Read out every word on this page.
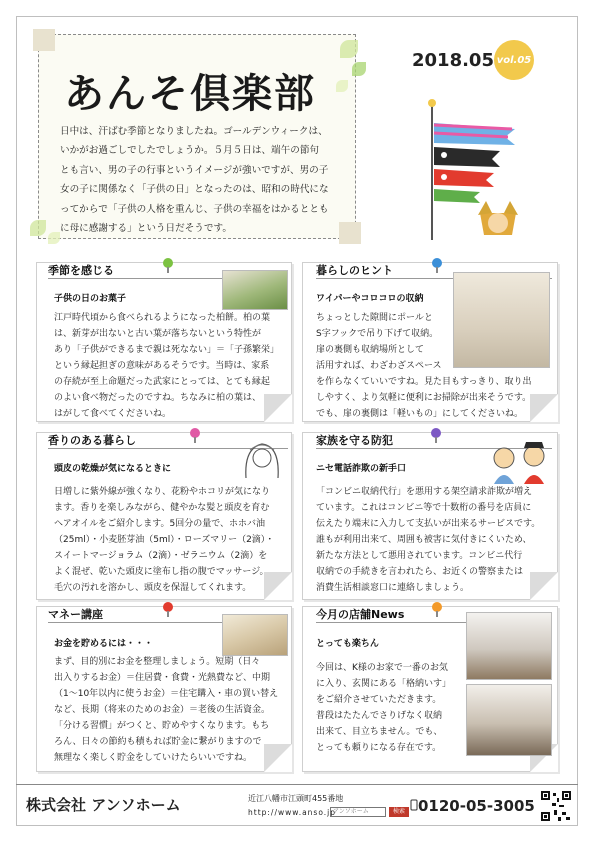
あんそ倶楽部
日中は、汗ばむ季節となりましたね。ゴールデンウィークは、
いかがお過ごしでしたでしょうか。５月５日は、端午の節句
とも言い、男の子の行事というイメージが強いですが、男の子
女の子に関係なく「子供の日」となったのは、昭和の時代にな
ってからで「子供の人格を重んじ、子供の幸福をはかるととも
に母に感謝する」という日だそうです。
2018.05 vol.05
季節を感じる
子供の日のお菓子
江戸時代頃から食べられるようになった柏餅。柏の葉
は、新芽が出ないと古い葉が落ちないという特性が
あり「子供ができるまで親は死なない」＝「子孫繁栄」
という縁起担ぎの意味があるそうです。当時は、家系
の存続が至上命題だった武家にとっては、とても縁起
のよい食べ物だったのですね。ちなみに柏の葉は、
はがして食べてくださいね。
暮らしのヒント
ワイパーやコロコロの収納
ちょっとした隙間にポールと
S字フックで吊り下げて収納。
扉の裏側も収納場所として
活用すれば、わざわざスペース
を作らなくていいですね。見た目もすっきり、取り出
しやすく、より気軽に便利にお掃除が出来そうです。
でも、扉の裏側は「軽いもの」にしてくださいね。
香りのある暮らし
頭皮の乾燥が気になるときに
日増しに紫外線が強くなり、花粉やホコリが気になり
ます。香りを楽しみながら、健やかな髪と頭皮を育む
ヘアオイルをご紹介します。5回分の量で、ホホバ油
（25ml）・小麦胚芽油（5ml）・ローズマリー（2滴）・
スイートマージョラム（2滴）・ゼラニウム（2滴）を
よく混ぜ、乾いた頭皮に塗布し指の腹でマッサージ。
毛穴の汚れを溶かし、頭皮を保湿してくれます。
家族を守る防犯
ニセ電話詐欺の新手口
「コンビニ収納代行」を悪用する架空請求詐欺が増え
ています。これはコンビニ等で十数桁の番号を店員に
伝えたり端末に入力して支払いが出来るサービスです。
誰もが利用出来て、周囲も被害に気付きにくいため、
新たな方法として悪用されています。コンビニ代行
収納での手続きを言われたら、お近くの警察または
消費生活相談窓口に連絡しましょう。
マネー講座
お金を貯めるには・・・
まず、目的別にお金を整理しましょう。短期（日々
出入りするお金）＝住居費・食費・光熱費など、中期
（1～10年以内に使うお金）＝住宅購入・車の買い替え
など、長期（将来のためのお金）＝老後の生活資金。
「分ける習慣」がつくと、貯めやすくなります。もち
ろん、日々の節約も積もれば貯金に繋がりますので
無理なく楽しく貯金をしていけたらいいですね。
今月の店舗News
とっても楽ちん
今回は、K様のお家で一番のお気
に入り、玄関にある「格納いす」
をご紹介させていただきます。
普段はたたんでさりげなく収納
出来て、目立ちません。でも、
とっても頼りになる存在です。
株式会社 アンソホーム	近江八幡市江頭町455番地
http://www.anso.jp
アンソホーム	検索 0120-05-3005
